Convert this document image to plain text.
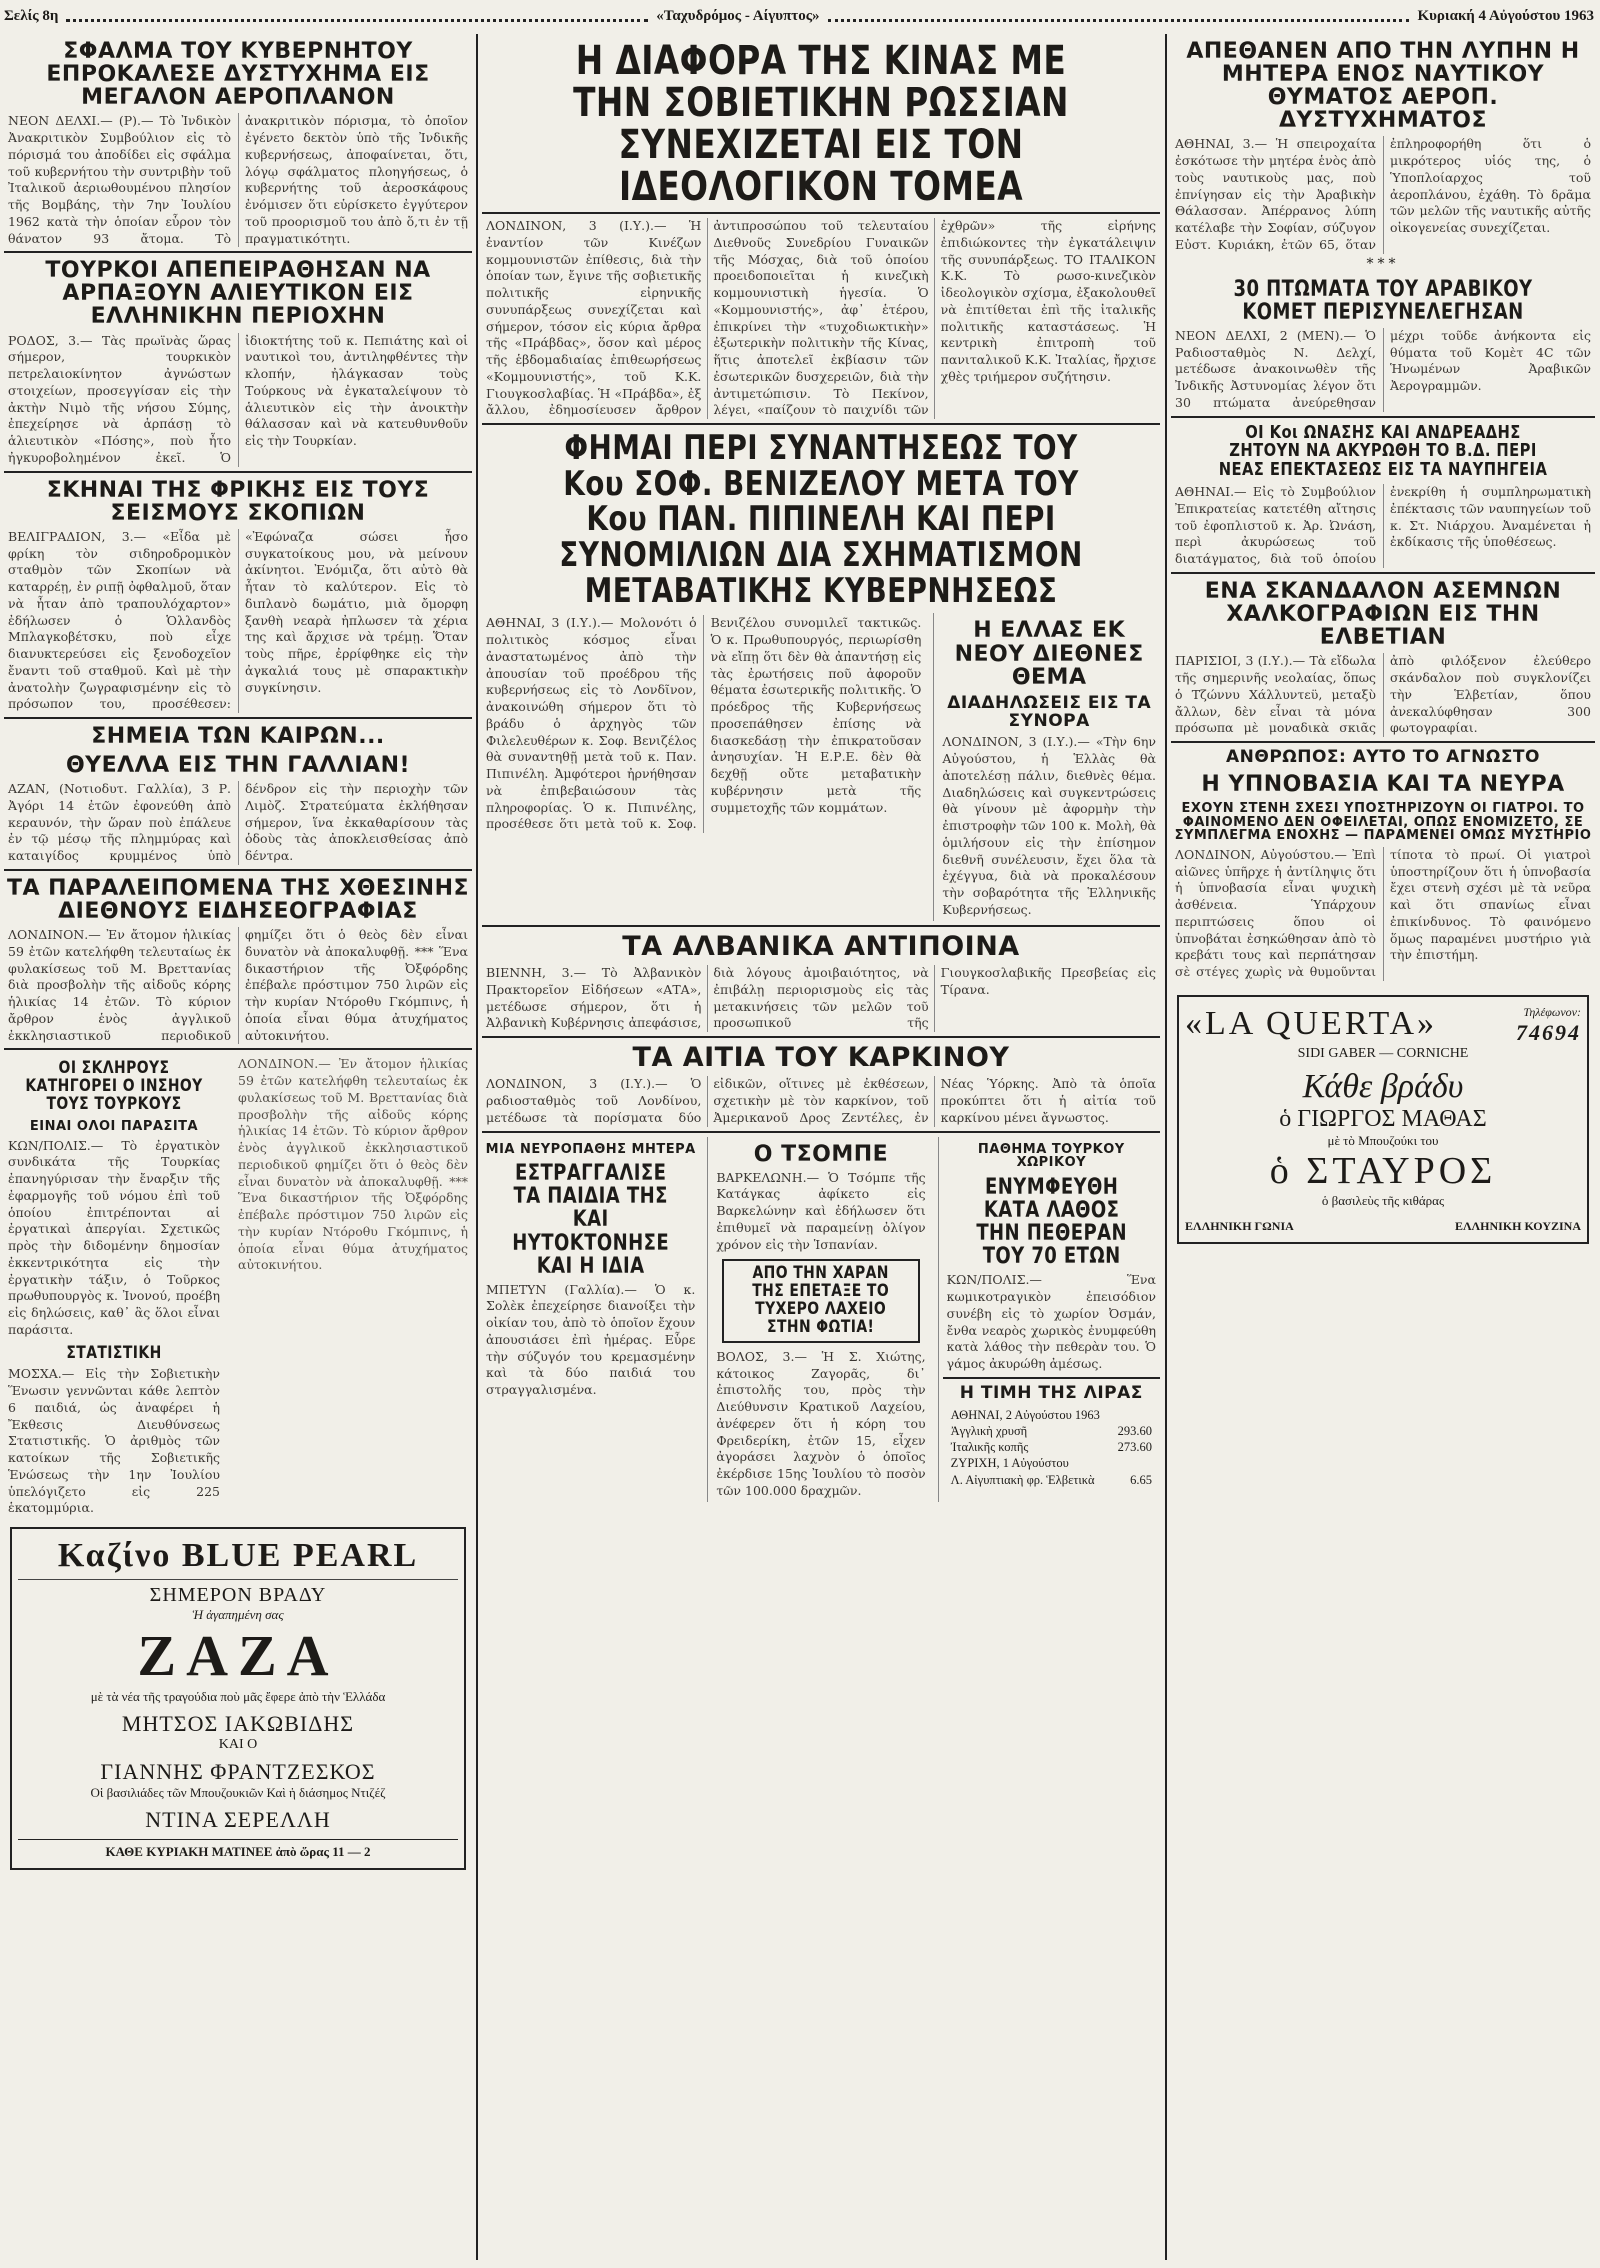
Σελίς 8η	«Ταχυδρόμος - Αίγυπτος»	Κυριακή 4 Αὐγούστου 1963
ΣΦΑΛΜΑ ΤΟΥ ΚΥΒΕΡΝΗΤΟΥ ΕΠΡΟΚΑΛΕΣΕ ΔΥΣΤΥΧΗΜΑ ΕΙΣ ΜΕΓΑΛΟΝ ΑΕΡΟΠΛΑΝΟΝ
ΝΕΟΝ ΔΕΛΧΙ.— (Ρ).— Τὸ Ἰνδικὸν Ἀνακριτικὸν Συμβούλιον εἰς τὸ πόρισμά του ἀποδίδει εἰς σφάλμα τοῦ κυβερνήτου τὴν συντριβὴν τοῦ Ἰταλικοῦ ἀεριωθουμένου πλησίον τῆς Βομβάης, τὴν 7ην Ἰουλίου 1962 κατὰ τὴν ὁποίαν εὗρον τὸν θάνατον 93 ἄτομα. Τὸ ἀνακριτικὸν πόρισμα, τὸ ὁποῖον ἐγένετο δεκτὸν ὑπὸ τῆς Ἰνδικῆς κυβερνήσεως, ἀποφαίνεται, ὅτι, λόγῳ σφάλματος πλοηγήσεως, ὁ κυβερνήτης τοῦ ἀεροσκάφους ἐνόμισεν ὅτι εὑρίσκετο ἐγγύτερον τοῦ προορισμοῦ του ἀπὸ ὅ,τι ἐν τῇ πραγματικότητι.
ΤΟΥΡΚΟΙ ΑΠΕΠΕΙΡΑΘΗΣΑΝ ΝΑ ΑΡΠΑΞΟΥΝ ΑΛΙΕΥΤΙΚΟΝ ΕΙΣ ΕΛΛΗΝΙΚΗΝ ΠΕΡΙΟΧΗΝ
ΡΟΔΟΣ, 3.— Τὰς πρωϊνὰς ὥρας σήμερον, τουρκικὸν πετρελαιοκίνητον ἀγνώστων στοιχείων, προσεγγίσαν εἰς τὴν ἀκτὴν Νιμὸ τῆς νήσου Σύμης, ἐπεχείρησε νὰ ἁρπάσῃ τὸ ἁλιευτικὸν «Πόσης», ποὺ ἦτο ἠγκυροβολημένον ἐκεῖ. Ὁ ἰδιοκτήτης τοῦ κ. Πεπιάτης καὶ οἱ ναυτικοὶ του, ἀντιληφθέντες τὴν κλοπήν, ἠλάγκασαν τοὺς Τούρκους νὰ ἐγκαταλείψουν τὸ ἁλιευτικὸν εἰς τὴν ἀνοικτὴν θάλασσαν καὶ νὰ κατευθυνθοῦν εἰς τὴν Τουρκίαν.
ΣΚΗΝΑΙ ΤΗΣ ΦΡΙΚΗΣ ΕΙΣ ΤΟΥΣ ΣΕΙΣΜΟΥΣ ΣΚΟΠΙΩΝ
ΒΕΛΙΓΡΑΔΙΟΝ, 3.— «Εἶδα μὲ φρίκη τὸν σιδηροδρομικὸν σταθμὸν τῶν Σκοπίων νὰ καταρρέῃ, ἐν ριπῇ ὀφθαλμοῦ, ὅταν νὰ ἦταν ἀπὸ τραπουλόχαρτον» ἐδήλωσεν ὁ Ὁλλανδὸς Μπλαγκοβέτσκυ, ποὺ εἶχε διανυκτερεύσει εἰς ξενοδοχεῖον ἔναντι τοῦ σταθμοῦ. Καὶ μὲ τὴν ἀνατολὴν ζωγραφισμένην εἰς τὸ πρόσωπον του, προσέθεσεν: «Ἐφώναζα σώσει ἦσο συγκατοίκους μου, νὰ μείνουν ἀκίνητοι. Ἐνόμιζα, ὅτι αὐτὸ θὰ ἦταν τὸ καλύτερον. Εἰς τὸ διπλανὸ δωμάτιο, μιὰ ὄμορφη ξανθὴ νεαρὰ ἠπλωσεν τὰ χέρια της καὶ ἄρχισε νὰ τρέμῃ. Ὅταν τοὺς πῆρε, ἐρρίφθηκε εἰς τὴν ἀγκαλιά τους μὲ σπαρακτικὴν συγκίνησιν.
ΣΗΜΕΙΑ ΤΩΝ ΚΑΙΡΩΝ...
ΘΥΕΛΛΑ ΕΙΣ ΤΗΝ ΓΑΛΛΙΑΝ!
ΑΖΑΝ, (Νοτιοδυτ. Γαλλία), 3 Ρ. Ἀγόρι 14 ἐτῶν ἐφονεύθη ἀπὸ κεραυνόν, τὴν ὥραν ποὺ ἐπάλευε ἐν τῷ μέσῳ τῆς πλημμύρας καὶ καταιγίδος κρυμμένος ὑπὸ δένδρον εἰς τὴν περιοχὴν τῶν Λιμὸζ. Στρατεύματα ἐκλήθησαν σήμερον, ἵνα ἐκκαθαρίσουν τὰς ὁδοὺς τὰς ἀποκλεισθείσας ἀπὸ δέντρα.
ΤΑ ΠΑΡΑΛΕΙΠΟΜΕΝΑ ΤΗΣ ΧΘΕΣΙΝΗΣ ΔΙΕΘΝΟΥΣ ΕΙΔΗΣΕΟΓΡΑΦΙΑΣ
ΛΟΝΔΙΝΟΝ.— Ἐν ἄτομον ἡλικίας 59 ἐτῶν κατελήφθη τελευταίως ἐκ φυλακίσεως τοῦ Μ. Βρεττανίας διὰ προσβολὴν τῆς αἰδοῦς κόρης ἡλικίας 14 ἐτῶν. Τὸ κύριον ἄρθρον ἑνὸς ἀγγλικοῦ ἐκκλησιαστικοῦ περιοδικοῦ φημίζει ὅτι ὁ θεὸς δὲν εἶναι δυνατὸν νὰ ἀποκαλυφθῇ. *** Ἕνα δικαστήριον τῆς Ὀξφόρδης ἐπέβαλε πρόστιμον 750 λιρῶν εἰς τὴν κυρίαν Ντόροθυ Γκόμπινς, ἡ ὁποία εἶναι θύμα ἀτυχήματος αὐτοκινήτου.
ΟΙ ΣΚΛΗΡΟΥΣ ΚΑΤΗΓΟΡΕΙ Ο ΙΝΣΗΟΥ ΤΟΥΣ ΤΟΥΡΚΟΥΣ
ΕΙΝΑΙ ΟΛΟΙ ΠΑΡΑΣΙΤΑ
ΚΩΝ/ΠΟΛΙΣ.— Τὸ ἐργατικὸν συνδικάτα τῆς Τουρκίας ἐπανηγύρισαν τὴν ἔναρξιν τῆς ἐφαρμογῆς τοῦ νόμου ἐπὶ τοῦ ὁποίου ἐπιτρέπονται αἱ ἐργατικαὶ ἀπεργίαι. Σχετικῶς πρὸς τὴν διδομένην δημοσίαν ἐκκεντρικότητα εἰς τὴν ἐργατικὴν τάξιν, ὁ Τοῦρκος πρωθυπουργὸς κ. Ἰνονού, προέβη εἰς δηλώσεις, καθ᾽ ἃς ὅλοι εἶναι παράσιτα.
ΣΤΑΤΙΣΤΙΚΗ
ΜΟΣΧΑ.— Εἰς τὴν Σοβιετικὴν Ἕνωσιν γεννῶνται κάθε λεπτὸν 6 παιδιά, ὡς ἀναφέρει ἡ Ἔκθεσις Διευθύνσεως Στατιστικῆς. Ὁ ἀριθμὸς τῶν κατοίκων τῆς Σοβιετικῆς Ἑνώσεως τὴν 1ην Ἰουλίου ὑπελόγιζετο εἰς 225 ἑκατομμύρια.
ΛΟΝΔΙΝΟΝ.— Ἐν ἄτομον ἡλικίας 59 ἐτῶν κατελήφθη τελευταίως ἐκ φυλακίσεως τοῦ Μ. Βρεττανίας διὰ προσβολὴν τῆς αἰδοῦς κόρης ἡλικίας 14 ἐτῶν. Τὸ κύριον ἄρθρον ἑνὸς ἀγγλικοῦ ἐκκλησιαστικοῦ περιοδικοῦ φημίζει ὅτι ὁ θεὸς δὲν εἶναι δυνατὸν νὰ ἀποκαλυφθῇ. *** Ἕνα δικαστήριον τῆς Ὀξφόρδης ἐπέβαλε πρόστιμον 750 λιρῶν εἰς τὴν κυρίαν Ντόροθυ Γκόμπινς, ἡ ὁποία εἶναι θύμα ἀτυχήματος αὐτοκινήτου.
Καζίνο BLUE PEARL
ΣΗΜΕΡΟΝ ΒΡΑΔΥ
Ἡ ἀγαπημένη σας
ΖΑΖΑ
μὲ τὰ νέα τῆς τραγούδια ποὺ μᾶς ἔφερε ἀπὸ τὴν Ἑλλάδα
ΜΗΤΣΟΣ ΙΑΚΩΒΙΔΗΣ
ΚΑΙ Ο
ΓΙΑΝΝΗΣ ΦΡΑΝΤΖΕΣΚΟΣ
Οἱ βασιλιάδες τῶν Μπουζουκιῶν Καὶ ἡ διάσημος Ντιζέζ
ΝΤΙΝΑ ΣΕΡΕΛΛΗ
ΚΑΘΕ ΚΥΡΙΑΚΗ ΜΑΤΙΝΕΕ ἀπὸ ὥρας 11 — 2
Η ΔΙΑΦΟΡΑ ΤΗΣ ΚΙΝΑΣ ΜΕ ΤΗΝ ΣΟΒΙΕΤΙΚΗΝ ΡΩΣΣΙΑΝ ΣΥΝΕΧΙΖΕΤΑΙ ΕΙΣ ΤΟΝ ΙΔΕΟΛΟΓΙΚΟΝ ΤΟΜΕΑ
ΛΟΝΔΙΝΟΝ, 3 (Ι.Υ.).— Ἡ ἐναντίον τῶν Κινέζων κομμουνιστῶν ἐπίθεσις, διὰ τὴν ὁποίαν των, ἔγινε τῆς σοβιετικῆς πολιτικῆς εἰρηνικῆς συνυπάρξεως συνεχίζεται καὶ σήμερον, τόσον εἰς κύρια ἄρθρα τῆς «Πράβδας», ὅσον καὶ μέρος τῆς ἑβδομαδιαίας ἐπιθεωρήσεως «Κομμουνιστής», τοῦ Κ.Κ. Γιουγκοσλαβίας. Ἡ «Πράβδα», ἐξ ἄλλου, ἐδημοσίευσεν ἄρθρον ἀντιπροσώπου τοῦ τελευταίου Διεθνοῦς Συνεδρίου Γυναικῶν τῆς Μόσχας, διὰ τοῦ ὁποίου προειδοποιεῖται ἡ κινεζικὴ κομμουνιστικὴ ἡγεσία. Ὁ «Κομμουνιστής», ἀφ᾽ ἑτέρου, ἐπικρίνει τὴν «τυχοδιωκτικὴν» ἐξωτερικὴν πολιτικὴν τῆς Κίνας, ἥτις ἀποτελεῖ ἐκβίασιν τῶν ἐσωτερικῶν δυσχερειῶν, διὰ τὴν ἀντιμετώπισιν. Τὸ Πεκίνον, λέγει, «παίζουν τὸ παιχνίδι τῶν ἐχθρῶν» τῆς εἰρήνης ἐπιδιώκοντες τὴν ἐγκατάλειψιν τῆς συνυπάρξεως. ΤΟ ΙΤΑΛΙΚΟΝ Κ.Κ. Τὸ ρωσο-κινεζικὸν ἰδεολογικὸν σχίσμα, ἐξακολουθεῖ νὰ ἐπιτίθεται ἐπὶ τῆς ἰταλικῆς πολιτικῆς καταστάσεως. Ἡ κεντρικὴ ἐπιτροπὴ τοῦ πανιταλικοῦ Κ.Κ. Ἰταλίας, ἤρχισε χθὲς τριήμερον συζήτησιν.
ΦΗΜΑΙ ΠΕΡΙ ΣΥΝΑΝΤΗΣΕΩΣ ΤΟΥ Κου ΣΟΦ. ΒΕΝΙΖΕΛΟΥ ΜΕΤΑ ΤΟΥ Κου ΠΑΝ. ΠΙΠΙΝΕΛΗ ΚΑΙ ΠΕΡΙ ΣΥΝΟΜΙΛΙΩΝ ΔΙΑ ΣΧΗΜΑΤΙΣΜΟΝ ΜΕΤΑΒΑΤΙΚΗΣ ΚΥΒΕΡΝΗΣΕΩΣ
ΑΘΗΝΑΙ, 3 (Ι.Υ.).— Μολονότι ὁ πολιτικὸς κόσμος εἶναι ἀναστατωμένος ἀπὸ τὴν ἀπουσίαν τοῦ προέδρου τῆς κυβερνήσεως εἰς τὸ Λονδῖνον, ἀνακοινώθη σήμερον ὅτι τὸ βράδυ ὁ ἀρχηγὸς τῶν Φιλελευθέρων κ. Σοφ. Βενιζέλος θὰ συναντηθῇ μετὰ τοῦ κ. Παν. Πιπινέλη. Ἀμφότεροι ἠρνήθησαν νὰ ἐπιβεβαιώσουν τὰς πληροφορίας. Ὁ κ. Πιπινέλης, προσέθεσε ὅτι μετὰ τοῦ κ. Σοφ. Βενιζέλου συνομιλεῖ τακτικῶς. Ὁ κ. Πρωθυπουργός, περιωρίσθη νὰ εἴπῃ ὅτι δὲν θὰ ἀπαντήσῃ εἰς τὰς ἐρωτήσεις ποῦ ἀφοροῦν θέματα ἐσωτερικῆς πολιτικῆς. Ὁ πρόεδρος τῆς Κυβερνήσεως προσεπάθησεν ἐπίσης νὰ διασκεδάσῃ τὴν ἐπικρατοῦσαν ἀνησυχίαν. Ἡ Ε.Ρ.Ε. δὲν θὰ δεχθῇ οὔτε μεταβατικὴν κυβέρνησιν μετὰ τῆς συμμετοχῆς τῶν κομμάτων.
Η ΕΛΛΑΣ ΕΚ ΝΕΟΥ ΔΙΕΘΝΕΣ ΘΕΜΑ
ΔΙΑΔΗΛΩΣΕΙΣ ΕΙΣ ΤΑ ΣΥΝΟΡΑ
ΛΟΝΔΙΝΟΝ, 3 (Ι.Υ.).— «Τὴν 6ην Αὐγούστου, ἡ Ἑλλὰς θὰ ἀποτελέσῃ πάλιν, διεθνὲς θέμα. Διαδηλώσεις καὶ συγκεντρώσεις θὰ γίνουν μὲ ἀφορμὴν τὴν ἐπιστροφὴν τῶν 100 κ. Μολὴ, θὰ ὁμιλήσουν εἰς τὴν ἐπίσημον διεθνῆ συνέλευσιν, ἔχει ὅλα τὰ ἐχέγγυα, διὰ νὰ προκαλέσουν τὴν σοβαρότητα τῆς Ἑλληνικῆς Κυβερνήσεως.
ΤΑ ΑΛΒΑΝΙΚΑ ΑΝΤΙΠΟΙΝΑ
ΒΙΕΝΝΗ, 3.— Τὸ Ἀλβανικὸν Πρακτορεῖον Εἰδήσεων «ΑΤΑ», μετέδωσε σήμερον, ὅτι ἡ Ἀλβανικὴ Κυβέρνησις ἀπεφάσισε, διὰ λόγους ἀμοιβαιότητος, νὰ ἐπιβάλῃ περιορισμοὺς εἰς τὰς μετακινήσεις τῶν μελῶν τοῦ προσωπικοῦ τῆς Γιουγκοσλαβικῆς Πρεσβείας εἰς Τίρανα.
ΤΑ ΑΙΤΙΑ ΤΟΥ ΚΑΡΚΙΝΟΥ
ΛΟΝΔΙΝΟΝ, 3 (Ι.Υ.).— Ὁ ραδιοσταθμὸς τοῦ Λονδίνου, μετέδωσε τὰ πορίσματα δύο εἰδικῶν, οἵτινες μὲ ἐκθέσεων, σχετικὴν μὲ τὸν καρκίνον, τοῦ Ἀμερικανοῦ Δρος Ζεντέλες, ἐν Νέας Ὑόρκης. Ἀπὸ τὰ ὁποῖα προκύπτει ὅτι ἡ αἰτία τοῦ καρκίνου μένει ἄγνωστος.
ΜΙΑ ΝΕΥΡΟΠΑΘΗΣ ΜΗΤΕΡΑ
ΕΣΤΡΑΓΓΑΛΙΣΕ ΤΑ ΠΑΙΔΙΑ ΤΗΣ ΚΑΙ ΗΥΤΟΚΤΟΝΗΣΕ ΚΑΙ Η ΙΔΙΑ
ΜΠΕΤΥΝ (Γαλλία).— Ὁ κ. Σολὲκ ἐπεχείρησε διανοίξει τὴν οἰκίαν του, ἀπὸ τὸ ὁποῖον ἔχουν ἀπουσιάσει ἐπὶ ἡμέρας. Εὗρε τὴν σύζυγόν του κρεμασμένην καὶ τὰ δύο παιδιά του στραγγαλισμένα.
Ο ΤΣΟΜΠΕ
ΒΑΡΚΕΛΩΝΗ.— Ὁ Τσόμπε τῆς Κατάγκας ἀφίκετο εἰς Βαρκελώνην καὶ ἐδήλωσεν ὅτι ἐπιθυμεῖ νὰ παραμείνῃ ὀλίγον χρόνον εἰς τὴν Ἱσπανίαν.
ΑΠΟ ΤΗΝ ΧΑΡΑΝ ΤΗΣ ΕΠΕΤΑΞΕ ΤΟ ΤΥΧΕΡΟ ΛΑΧΕΙΟ ΣΤΗΝ ΦΩΤΙΑ!
ΒΟΛΟΣ, 3.— Ἡ Σ. Χιώτης, κάτοικος Ζαγορᾶς, δι᾽ ἐπιστολῆς του, πρὸς τὴν Διεύθυνσιν Κρατικοῦ Λαχείου, ἀνέφερεν ὅτι ἡ κόρη του Φρειδερίκη, ἐτῶν 15, εἶχεν ἀγοράσει λαχνὸν ὁ ὁποῖος ἐκέρδισε 15ης Ἰουλίου τὸ ποσὸν τῶν 100.000 δραχμῶν.
ΠΑΘΗΜΑ ΤΟΥΡΚΟΥ ΧΩΡΙΚΟΥ
ΕΝΥΜΦΕΥΘΗ ΚΑΤΑ ΛΑΘΟΣ ΤΗΝ ΠΕΘΕΡΑΝ ΤΟΥ 70 ΕΤΩΝ
ΚΩΝ/ΠΟΛΙΣ.— Ἕνα κωμικοτραγικὸν ἐπεισόδιον συνέβη εἰς τὸ χωρίον Ὀσμάν, ἔνθα νεαρὸς χωρικὸς ἐνυμφεύθη κατὰ λάθος τὴν πεθερὰν του. Ὁ γάμος ἀκυρώθη ἀμέσως.
Η ΤΙΜΗ ΤΗΣ ΛΙΡΑΣ
ΑΘΗΝΑΙ, 2 Αὐγούστου 1963
Ἀγγλικὴ χρυσῆ	293.60
Ἰταλικῆς κοπῆς	273.60
ΖΥΡΙΧΗ, 1 Αὐγούστου
Λ. Αἰγυπτιακὴ φρ. Ἑλβετικὰ	6.65
ΑΠΕΘΑΝΕΝ ΑΠΟ ΤΗΝ ΛΥΠΗΝ Η ΜΗΤΕΡΑ ΕΝΟΣ ΝΑΥΤΙΚΟΥ ΘΥΜΑΤΟΣ ΑΕΡΟΠ. ΔΥΣΤΥΧΗΜΑΤΟΣ
ΑΘΗΝΑΙ, 3.— Ἡ σπειροχαίτα ἐσκότωσε τὴν μητέρα ἑνὸς ἀπὸ τοὺς ναυτικοὺς μας, ποὺ ἐπνίγησαν εἰς τὴν Ἀραβικὴν Θάλασσαν. Ἀπέρρανος λύπη κατέλαβε τὴν Σοφίαν, σύζυγον Εὐστ. Κυριάκη, ἐτῶν 65, ὅταν ἐπληροφορήθη ὅτι ὁ μικρότερος υἱός της, ὁ Ὑποπλοίαρχος τοῦ ἀεροπλάνου, ἐχάθη. Τὸ δρᾶμα τῶν μελῶν τῆς ναυτικῆς αὐτῆς οἰκογενείας συνεχίζεται.
***
30 ΠΤΩΜΑΤΑ ΤΟΥ ΑΡΑΒΙΚΟΥ ΚΟΜΕΤ ΠΕΡΙΣΥΝΕΛΕΓΗΣΑΝ
ΝΕΟΝ ΔΕΛΧΙ, 2 (ΜΕΝ).— Ὁ Ραδιοσταθμὸς Ν. Δελχί, μετέδωσε ἀνακοινωθὲν τῆς Ἰνδικῆς Ἀστυνομίας λέγον ὅτι 30 πτώματα ἀνεύρεθησαν μέχρι τοῦδε ἀνήκοντα εἰς θύματα τοῦ Κομὲτ 4C τῶν Ἡνωμένων Ἀραβικῶν Ἀερογραμμῶν.
ΟΙ Κοι ΩΝΑΣΗΣ ΚΑΙ ΑΝΔΡΕΑΔΗΣ ΖΗΤΟΥΝ ΝΑ ΑΚΥΡΩΘΗ ΤΟ Β.Δ. ΠΕΡΙ ΝΕΑΣ ΕΠΕΚΤΑΣΕΩΣ ΕΙΣ ΤΑ ΝΑΥΠΗΓΕΙΑ
ΑΘΗΝΑΙ.— Εἰς τὸ Συμβούλιον Ἐπικρατείας κατετέθη αἴτησις τοῦ ἐφοπλιστοῦ κ. Ἀρ. Ὠνάση, περὶ ἀκυρώσεως τοῦ διατάγματος, διὰ τοῦ ὁποίου ἐνεκρίθη ἡ συμπληρωματικὴ ἐπέκτασις τῶν ναυπηγείων τοῦ κ. Στ. Νιάρχου. Ἀναμένεται ἡ ἐκδίκασις τῆς ὑποθέσεως.
ΕΝΑ ΣΚΑΝΔΑΛΟΝ ΑΣΕΜΝΩΝ ΧΑΛΚΟΓΡΑΦΙΩΝ ΕΙΣ ΤΗΝ ΕΛΒΕΤΙΑΝ
ΠΑΡΙΣΙΟΙ, 3 (Ι.Υ.).— Τὰ εἴδωλα τῆς σημερινῆς νεολαίας, ὅπως ὁ Τζώννυ Χάλλυντεϋ, μεταξὺ ἄλλων, δὲν εἶναι τὰ μόνα πρόσωπα μὲ μοναδικὰ σκιᾶς ἀπὸ φιλόξενον ἐλεύθερο σκάνδαλον ποὺ συγκλονίζει τὴν Ἑλβετίαν, ὅπου ἀνεκαλύφθησαν 300 φωτογραφίαι.
ΑΝΘΡΩΠΟΣ: ΑΥΤΟ ΤΟ ΑΓΝΩΣΤΟ
Η ΥΠΝΟΒΑΣΙΑ ΚΑΙ ΤΑ ΝΕΥΡΑ
ΕΧΟΥΝ ΣΤΕΝΗ ΣΧΕΣΙ ΥΠΟΣΤΗΡΙΖΟΥΝ ΟΙ ΓΙΑΤΡΟΙ. ΤΟ ΦΑΙΝΟΜΕΝΟ ΔΕΝ ΟΦΕΙΛΕΤΑΙ, ΟΠΩΣ ΕΝΟΜΙΖΕΤΟ, ΣΕ ΣΥΜΠΛΕΓΜΑ ΕΝΟΧΗΣ — ΠΑΡΑΜΕΝΕΙ ΟΜΩΣ ΜΥΣΤΗΡΙΟ
ΛΟΝΔΙΝΟΝ, Αὐγούστου.— Ἐπὶ αἰῶνες ὑπῆρχε ἡ ἀντίληψις ὅτι ἡ ὑπνοβασία εἶναι ψυχικὴ ἀσθένεια. Ὑπάρχουν περιπτώσεις ὅπου οἱ ὑπνοβάται ἐσηκώθησαν ἀπὸ τὸ κρεβάτι τους καὶ περπάτησαν σὲ στέγες χωρὶς νὰ θυμοῦνται τίποτα τὸ πρωί. Οἱ γιατροὶ ὑποστηρίζουν ὅτι ἡ ὑπνοβασία ἔχει στενὴ σχέσι μὲ τὰ νεῦρα καὶ ὅτι σπανίως εἶναι ἐπικίνδυνος. Τὸ φαινόμενο ὅμως παραμένει μυστήριο γιὰ τὴν ἐπιστήμη.
«LA QUERTA»	Τηλέφωνον:
74694
SIDI GABER — CORNICHE
Κάθε βράδυ
ὁ ΓΙΩΡΓΟΣ ΜΑΘΑΣ
μὲ τὸ Μπουζούκι του
ὁ ΣΤΑΥΡΟΣ
ὁ βασιλεὺς τῆς κιθάρας
ΕΛΛΗΝΙΚΗ ΓΩΝΙΑ	ΕΛΛΗΝΙΚΗ ΚΟΥΖΙΝΑ
